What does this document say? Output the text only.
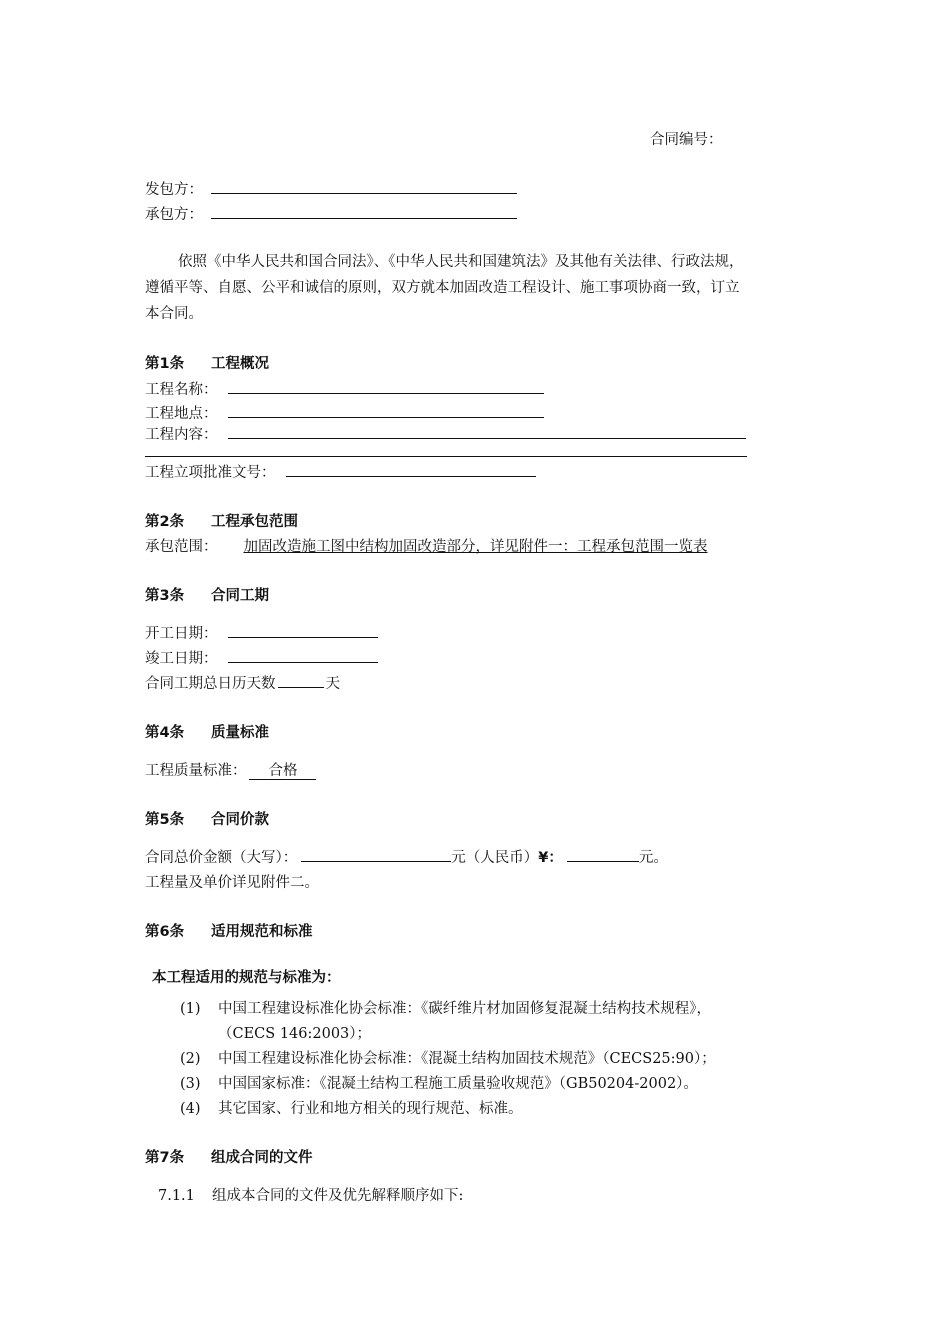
合同编号：
发包方：
承包方：
依照《中华人民共和国合同法》、《中华人民共和国建筑法》及其他有关法律、行政法规，
遵循平等、自愿、公平和诚信的原则，双方就本加固改造工程设计、施工事项协商一致，订立
本合同。
第1条 工程概况
工程名称：
工程地点：
工程内容：
工程立项批准文号：
第2条 工程承包范围
承包范围： 加固改造施工图中结构加固改造部分，详见附件一：工程承包范围一览表
第3条 合同工期
开工日期：
竣工日期：
合同工期总日历天数	天
第4条 质量标准
工程质量标准： 合格
第5条 合同价款
合同总价金额（大写）：	元（人民币）¥：	元。
工程量及单价详见附件二。
第6条 适用规范和标准
本工程适用的规范与标准为：
(1) 中国工程建设标准化协会标准：《碳纤维片材加固修复混凝土结构技术规程》，
（CECS 146:2003）；
(2) 中国工程建设标准化协会标准：《混凝土结构加固技术规范》（CECS25:90）；
(3) 中国国家标准：《混凝土结构工程施工质量验收规范》（GB50204-2002）。
(4) 其它国家、行业和地方相关的现行规范、标准。
第7条 组成合同的文件
7.1.1 组成本合同的文件及优先解释顺序如下:
